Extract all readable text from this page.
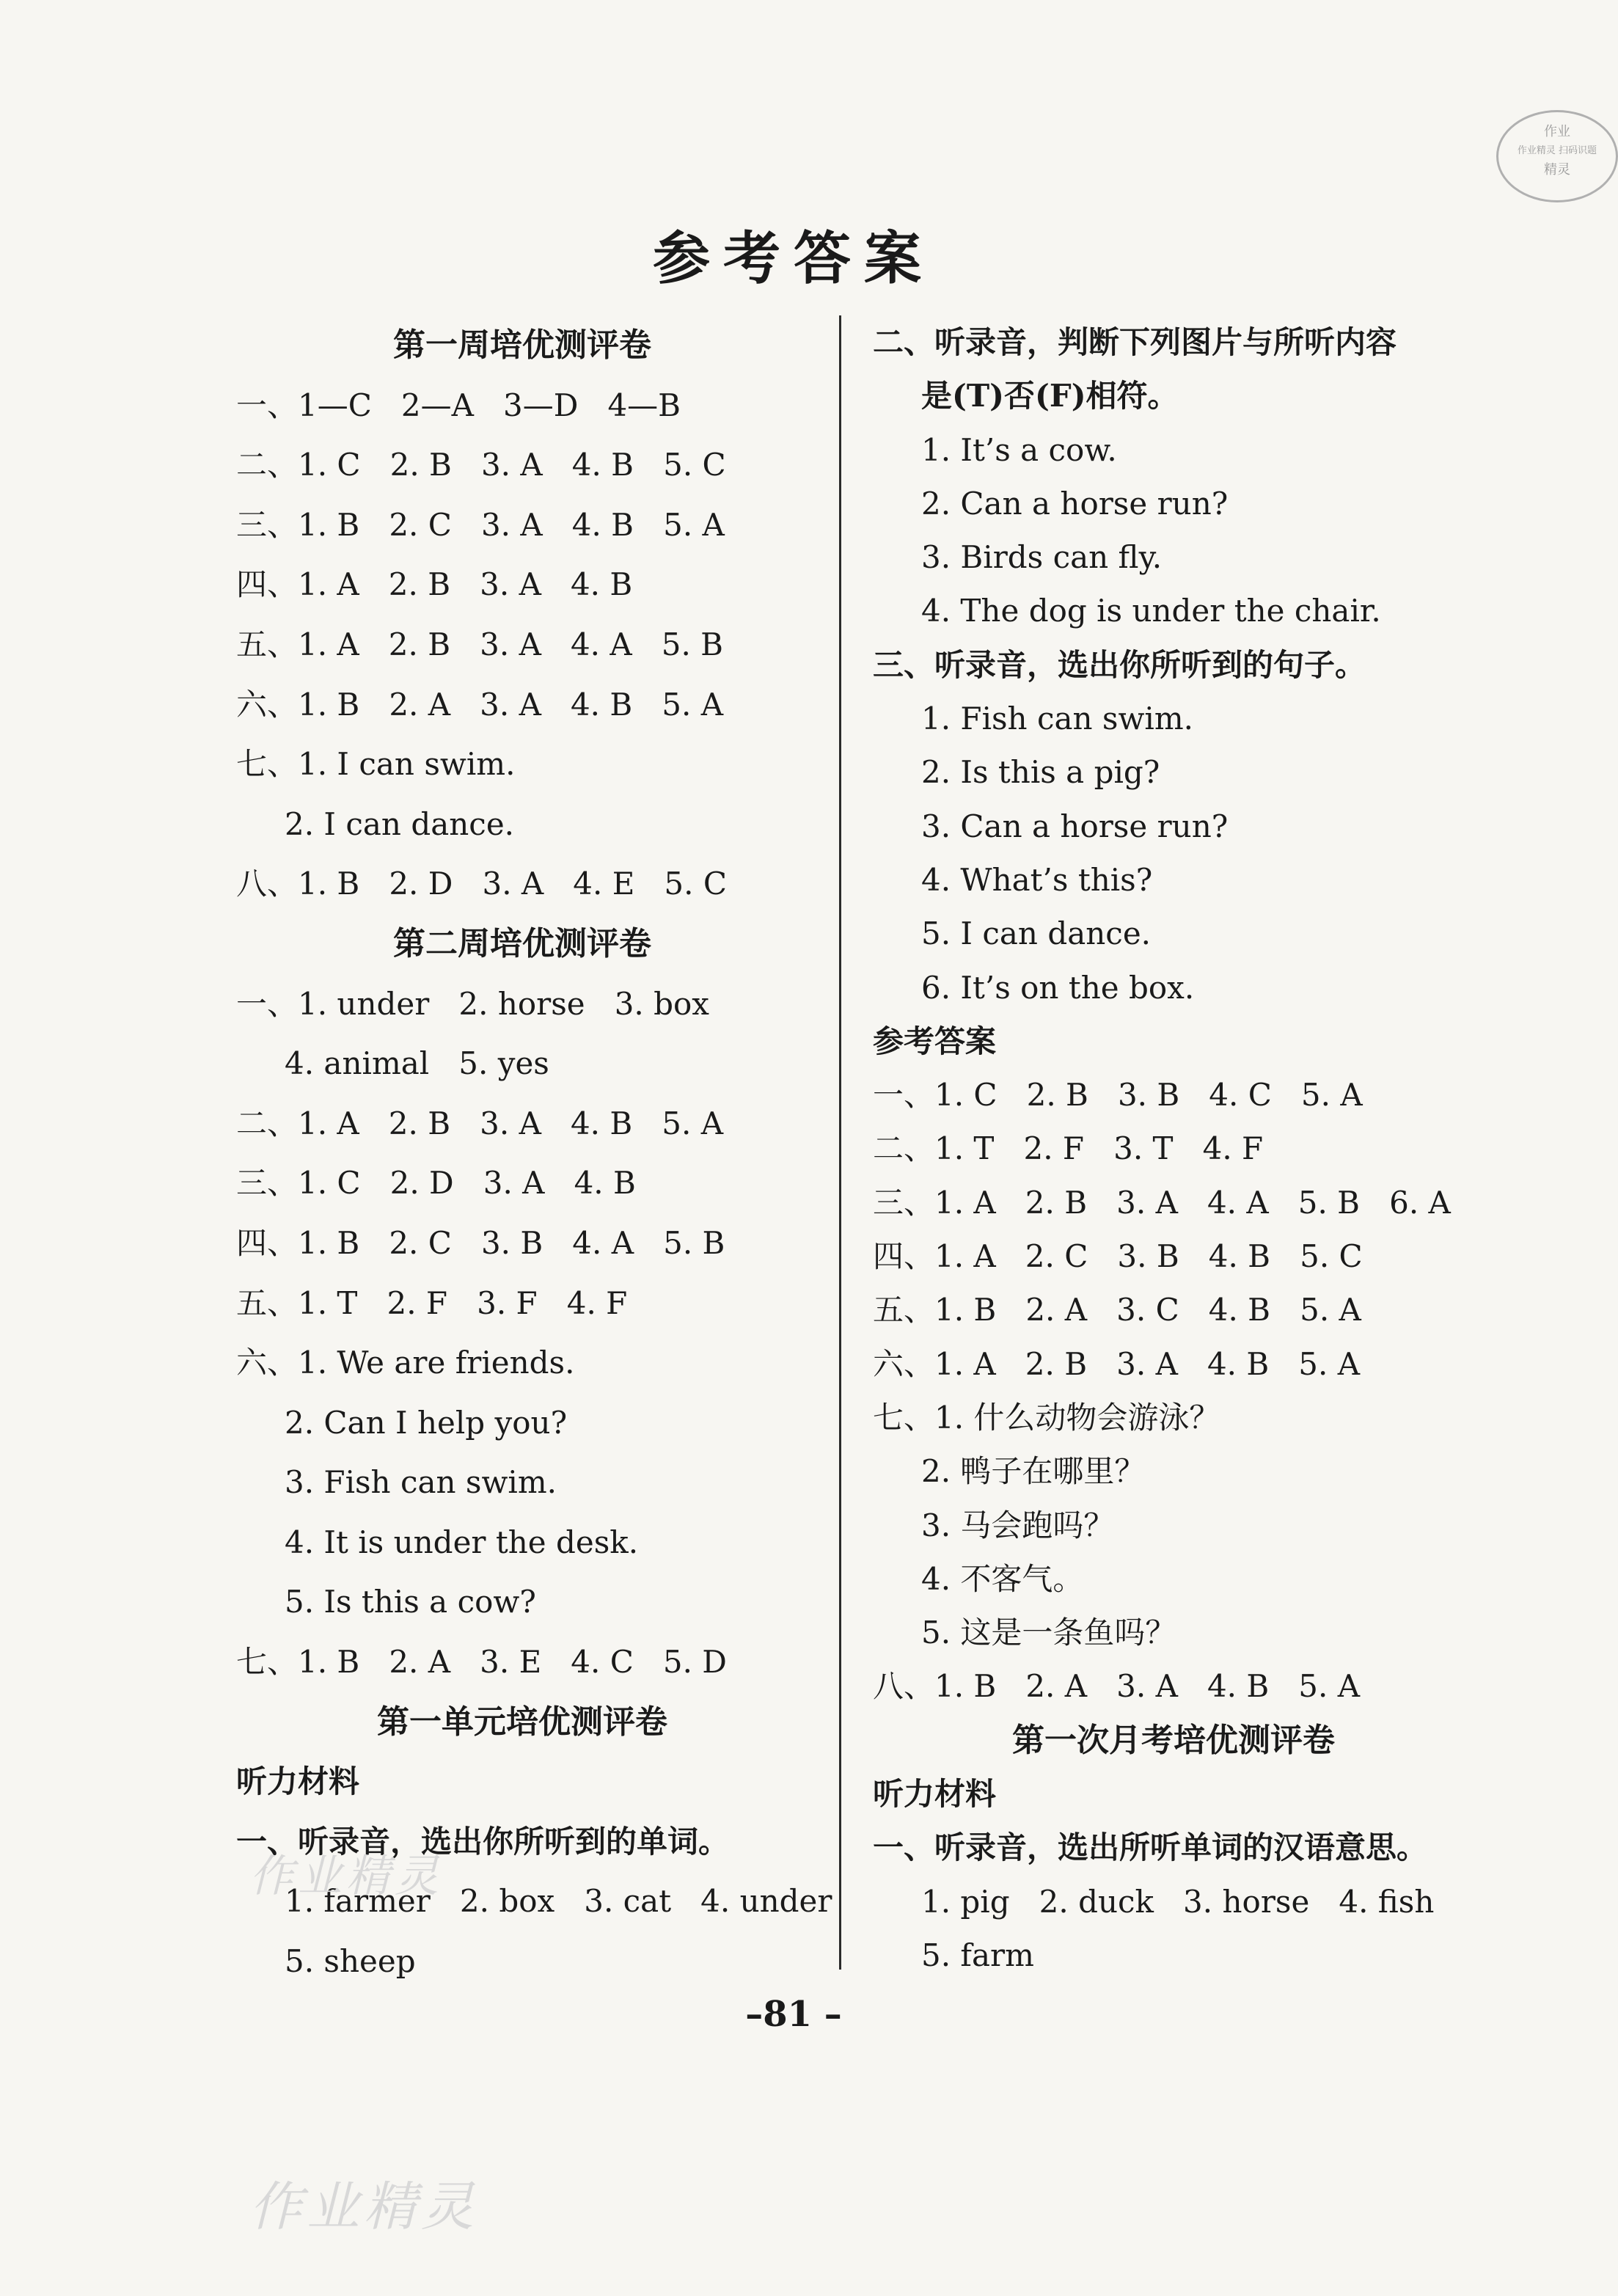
作业
作业精灵 扫码识题
精灵
参考答案
第一周培优测评卷
一、1—C   2—A   3—D   4—B
二、1. C   2. B   3. A   4. B   5. C
三、1. B   2. C   3. A   4. B   5. A
四、1. A   2. B   3. A   4. B
五、1. A   2. B   3. A   4. A   5. B
六、1. B   2. A   3. A   4. B   5. A
七、1. I can swim.
2. I can dance.
八、1. B   2. D   3. A   4. E   5. C
第二周培优测评卷
一、1. under   2. horse   3. box
4. animal   5. yes
二、1. A   2. B   3. A   4. B   5. A
三、1. C   2. D   3. A   4. B
四、1. B   2. C   3. B   4. A   5. B
五、1. T   2. F   3. F   4. F
六、1. We are friends.
2. Can I help you?
3. Fish can swim.
4. It is under the desk.
5. Is this a cow?
七、1. B   2. A   3. E   4. C   5. D
第一单元培优测评卷
听力材料
一、听录音，选出你所听到的单词。
1. farmer   2. box   3. cat   4. under
5. sheep
二、听录音，判断下列图片与所听内容
是(T)否(F)相符。
1. It’s a cow.
2. Can a horse run?
3. Birds can fly.
4. The dog is under the chair.
三、听录音，选出你所听到的句子。
1. Fish can swim.
2. Is this a pig?
3. Can a horse run?
4. What’s this?
5. I can dance.
6. It’s on the box.
参考答案
一、1. C   2. B   3. B   4. C   5. A
二、1. T   2. F   3. T   4. F
三、1. A   2. B   3. A   4. A   5. B   6. A
四、1. A   2. C   3. B   4. B   5. C
五、1. B   2. A   3. C   4. B   5. A
六、1. A   2. B   3. A   4. B   5. A
七、1. 什么动物会游泳？
2. 鸭子在哪里？
3. 马会跑吗？
4. 不客气。
5. 这是一条鱼吗？
八、1. B   2. A   3. A   4. B   5. A
第一次月考培优测评卷
听力材料
一、听录音，选出所听单词的汉语意思。
1. pig   2. duck   3. horse   4. fish
5. farm
作业精灵
作业精灵
–81 –
